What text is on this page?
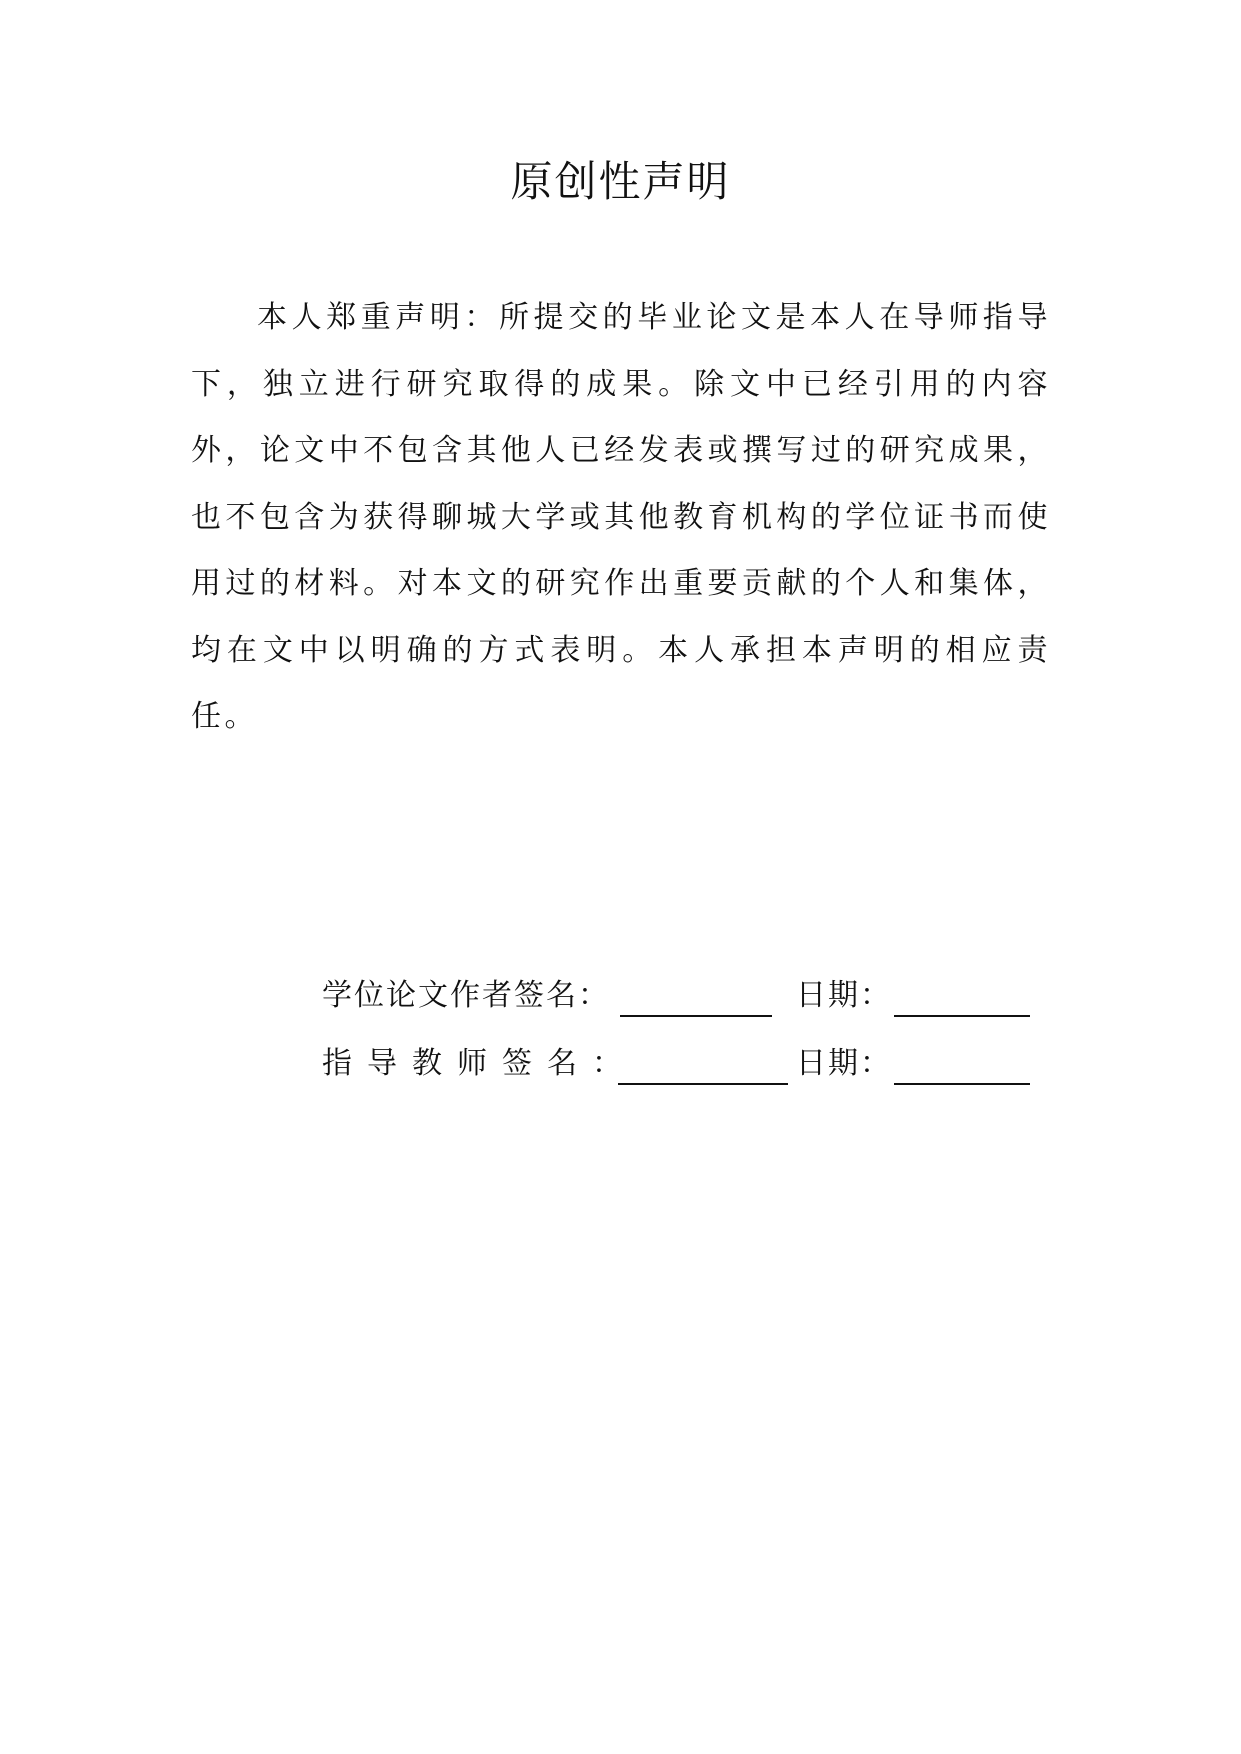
原创性声明

本人郑重声明：所提交的毕业论文是本人在导师指导下，独立进行研究取得的成果。除文中已经引用的内容外，论文中不包含其他人已经发表或撰写过的研究成果，也不包含为获得聊城大学或其他教育机构的学位证书而使用过的材料。对本文的研究作出重要贡献的个人和集体，均在文中以明确的方式表明。本人承担本声明的相应责任。

学位论文作者签名：	日期：
指导教师签名：	日期：
